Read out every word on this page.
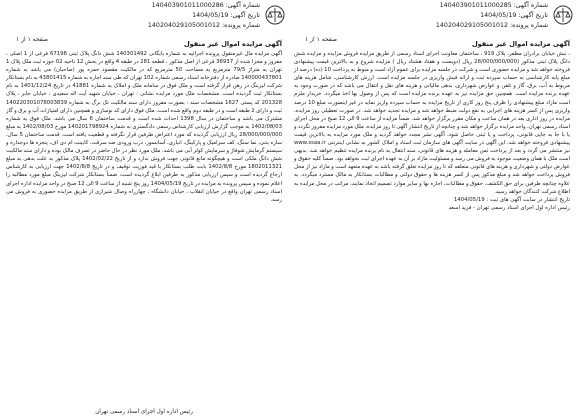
شماره آگهی: 140403901011000285
تاریخ آگهی: 1404/05/19
شماره پرونده: 140204029105001012
شماره آگهی: 140403901011000286
تاریخ آگهی: 1404/05/19
شماره پرونده: 140204029105001012
صفحه ۱ از ۱
صفحه ۱ از ۱
آگهی مزایده اموال غیر منقول

، نبش خیابان برادران مظفر، پلاک 919 ، ساختمان معاونت اجرای اسناد رسمی از طریق مزایده فروش مزایده و مزایده شش دانگ پلاک ثبتی مذکور (28/000/000/000 ریال (دویست و هفتاد هشتاد ریال ) مزایده شروع و به بالاترین قیمت پیشنهادی فروخته خواهد شد و مزایده حضوری است و شرکت در جلسه مزایده برای عموم آزاد است و منوط به پرداخت 10 (ده) درصد از مبلغ پایه کارشناسی به حساب سپرده ثبت و ارائه فیش واریزی در جلسه مزایده است. ارزش کارشناسی، شامل هزینه های مربوط به آب، برق، گاز و تلفن و عوارض شهرداری، بدهی مالیاتی و هزینه های نقل و انتقال می باشد که در صورت وجود به عهده برنده مزایده است. همچنین حق مزایده نیز به عهده برنده مزایده است که پس از وصول بها اخذ میگردد. خریدار ملزم است مازاد مبلغ پیشنهادی را ظرف پنج روز کاری از تاریخ مزایده به حساب سپرده واریز نماید در غیر اینصورت مبلغ 10 درصد واریزی پس از کسر هزینه های اجرایی به نفع دولت ضبط خواهد شد و مزایده تجدید خواهد شد. در صورت تعطیلی روز مزایده، مزایده در روز اداری بعد در همان ساعت و مکان مقرر برگزار خواهد شد. ضمناً مزایده از ساعت 9 الی 12 صبح در محل اجرای اسناد رسمی تهران، واحد مزایده برگزار خواهد شد و چنانچه از تاریخ انتشار آگهی تا روز مزایده، ملک مورد مزایده مفروز نگردد و یا با جا به جایی قانونی، پرداخت و یا ثبتی حاصل شود، آگهی نشر مجدد خواهد گردید و ملک مورد مزایده به بالاترین قیمت پیشنهادی فروخته خواهد شد. این آگهی در سایت آگهی های سازمان ثبت اسناد و املاک کشور به نشانی اینترنتی www.ssaa.ir نیز منتشر می گردد و بعد از پرداخت ثمن معامله و هزینه های قانونی، سند انتقال به نام برنده مزایده تنظیم خواهد شد. بدیهی است ملک با همان وضعیت موجود به فروش می رسد و مسئولیت مازاد بر آن به عهده اجرای ثبت نخواهد بود. ضمناً کلیه حقوق و عوارض دولتی و شهرداری و هزینه های قانونی متعلقه که تا روز مزایده تعلق گرفته باشد به عهده متعهد است و مازاد نیز از محل فروش پرداخت خواهد شد و مبلغ مذکور پس از کسر هزینه ها و حقوق دولتی و مطالبات بستانکار به مالک مسترد میگردد. به علاوه چنانچه طرفین برای حق الکشف، حقوق و مطالبات، اجاره بها و سایر موارد تصمیم اتخاذ نمایند، مراتب در محل مزایده به اطلاع شرکت کنندگان خواهد رسید.

تاریخ انتشار در سایت آگهی های ثبت : 1404/05/19

رئیس اداره اول اجرای اسناد رسمی تهران - فرید اسعد

آگهی مزایده اموال غیر منقول

آگهی مزایده مال غیرمنقول پرونده اجرائیه به شماره بایگانی 140301492 شش دانگ پلاک ثبتی 67198 فرعی از 1 اصلی ، مفروز و مجزا شده از 36937 فرعی از اصل مذکور ، قطعه 281 در طبقه 4 واقع در بخش 12 ناحیه 02 حوزه ثبت ملک پلاک 1 تهران به متراژ 79/5 مترمربع به مساحت 50 مترمربع که در مالکیت مقصود حمزه پور (صاحبان) می باشد به شماره 140000437801 صادره از دفترخانه اسناد رسمی شماره 102 تهران که طی سند اجاره به شماره 43801415 به نام بستانکار شرکت لیزینگ در رهن قرار گرفته است و ملک فوق در سامانه ملک و املاک به شماره 41881 در تاریخ 1401/12/24 به نام بستانکار ثبت گردیده است. مشخصات ملک مورد مزایده نشانی : تهران ، خیابان شهید آیت اله سعیدی ، خیابان جابر ، پلاک 201328 کد پستی 1627 مشخصات سند : بصورت مفروز دارای سند مالکیت تک برگ به شماره 140220301078003839 ثبت و دارای 2 طبقه است و در طبقه دوم واقع شده است. ملک فوق دارای کد نوسازی و همچنین دارای امتیازات آب و برق و گاز مشترک می باشد و ساختمان در سال 1398 احداث شده است و قدمت ساختمان 6 سال می باشد. ملک فوق به شماره 1402/08/03 به موجب گزارش ارزیابی کارشناس رسمی دادگستری به شماره 140201798924 مورخ 1402/08/03 به مبلغ 28/000/000/000 ریال ارزیابی گردیده که مورد اعتراض طرفین قرار نگرفته و قطعیت یافته است. قدمت ساختمان 5 سال، سازه بتنی، نما سنگ، کف سرامیک و پارکینگ، انباری، آسانسور، درب ورودی ضد سرقت، کابینت ام دی اف، پنجره ها دوجداره و سیستم گرمایش شوفاژ و سرمایش کولر آبی می باشد. ملک مورد نظر در حال حاضر در تصرف مالک بوده و دارای سند مالکیت شش دانگ ملکی است و هیچگونه مانع قانونی جهت فروش ندارد و از تاریخ 1402/02/22 پلاک مذکور به علت بدهی به مبلغ 1802011321 مورخ 1402/8/8 بابت طلب بستانکار با قید فوریت توقیف و در تاریخ 1402/8/8 جهت ارزیابی به کارشناس ارجاع گردیده است و سپس ارزیابی مذکور به طرفین ابلاغ گردیده است، ضمناً بستانکار شرکت لیزینگ مبلغ مورد مطالبه را اعلام نموده و سپس پرونده به مزایده در تاریخ 1404/05/19 روز پنج شنبه از ساعت 9 الی 12 صبح در واحد مزایده اداره اجرای اسناد رسمی تهران واقع در خیابان انقلاب ، خیابان دانشگاه ، چهارراه وصال شیرازی از طریق مزایده حضوری به فروش می رسد.

رئیس اداره اول اجرای اسناد رسمی تهران
